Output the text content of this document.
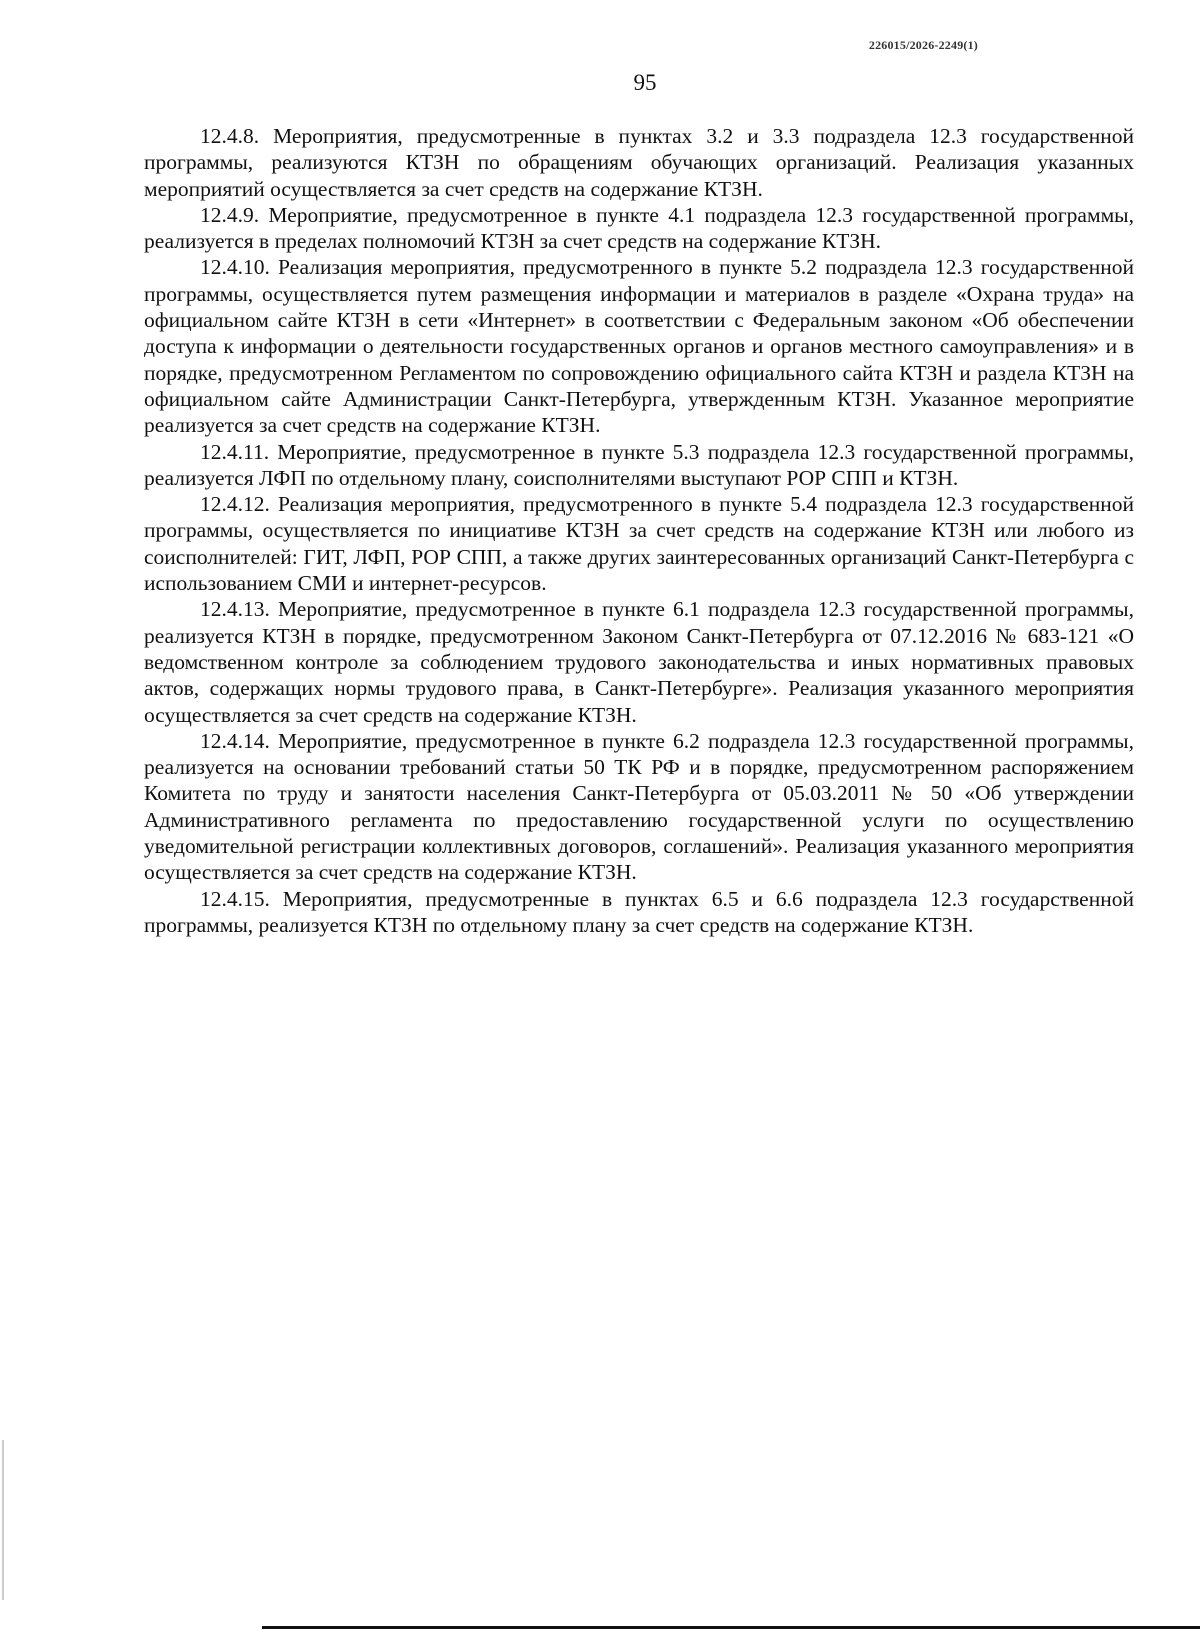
226015/2026-2249(1)
95

12.4.8. Мероприятия, предусмотренные в пунктах 3.2 и 3.3 подраздела 12.3 государственной программы, реализуются КТЗН по обращениям обучающих организаций. Реализация указанных мероприятий осуществляется за счет средств на содержание КТЗН.

12.4.9. Мероприятие, предусмотренное в пункте 4.1 подраздела 12.3 государственной программы, реализуется в пределах полномочий КТЗН за счет средств на содержание КТЗН.

12.4.10. Реализация мероприятия, предусмотренного в пункте 5.2 подраздела 12.3 государственной программы, осуществляется путем размещения информации и материалов в разделе «Охрана труда» на официальном сайте КТЗН в сети «Интернет» в соответствии с Федеральным законом «Об обеспечении доступа к информации о деятельности государственных органов и органов местного самоуправления» и в порядке, предусмотренном Регламентом по сопровождению официального сайта КТЗН и раздела КТЗН на официальном сайте Администрации Санкт-Петербурга, утвержденным КТЗН. Указанное мероприятие реализуется за счет средств на содержание КТЗН.

12.4.11. Мероприятие, предусмотренное в пункте 5.3 подраздела 12.3 государственной программы, реализуется ЛФП по отдельному плану, соисполнителями выступают РОР СПП и КТЗН.

12.4.12. Реализация мероприятия, предусмотренного в пункте 5.4 подраздела 12.3 государственной программы, осуществляется по инициативе КТЗН за счет средств на содержание КТЗН или любого из соисполнителей: ГИТ, ЛФП, РОР СПП, а также других заинтересованных организаций Санкт-Петербурга с использованием СМИ и интернет-ресурсов.

12.4.13. Мероприятие, предусмотренное в пункте 6.1 подраздела 12.3 государственной программы, реализуется КТЗН в порядке, предусмотренном Законом Санкт-Петербурга от 07.12.2016 № 683-121 «О ведомственном контроле за соблюдением трудового законодательства и иных нормативных правовых актов, содержащих нормы трудового права, в Санкт-Петербурге». Реализация указанного мероприятия осуществляется за счет средств на содержание КТЗН.

12.4.14. Мероприятие, предусмотренное в пункте 6.2 подраздела 12.3 государственной программы, реализуется на основании требований статьи 50 ТК РФ и в порядке, предусмотренном распоряжением Комитета по труду и занятости населения Санкт-Петербурга от 05.03.2011 № 50 «Об утверждении Административного регламента по предоставлению государственной услуги по осуществлению уведомительной регистрации коллективных договоров, соглашений». Реализация указанного мероприятия осуществляется за счет средств на содержание КТЗН.

12.4.15. Мероприятия, предусмотренные в пунктах 6.5 и 6.6 подраздела 12.3 государственной программы, реализуется КТЗН по отдельному плану за счет средств на содержание КТЗН.
